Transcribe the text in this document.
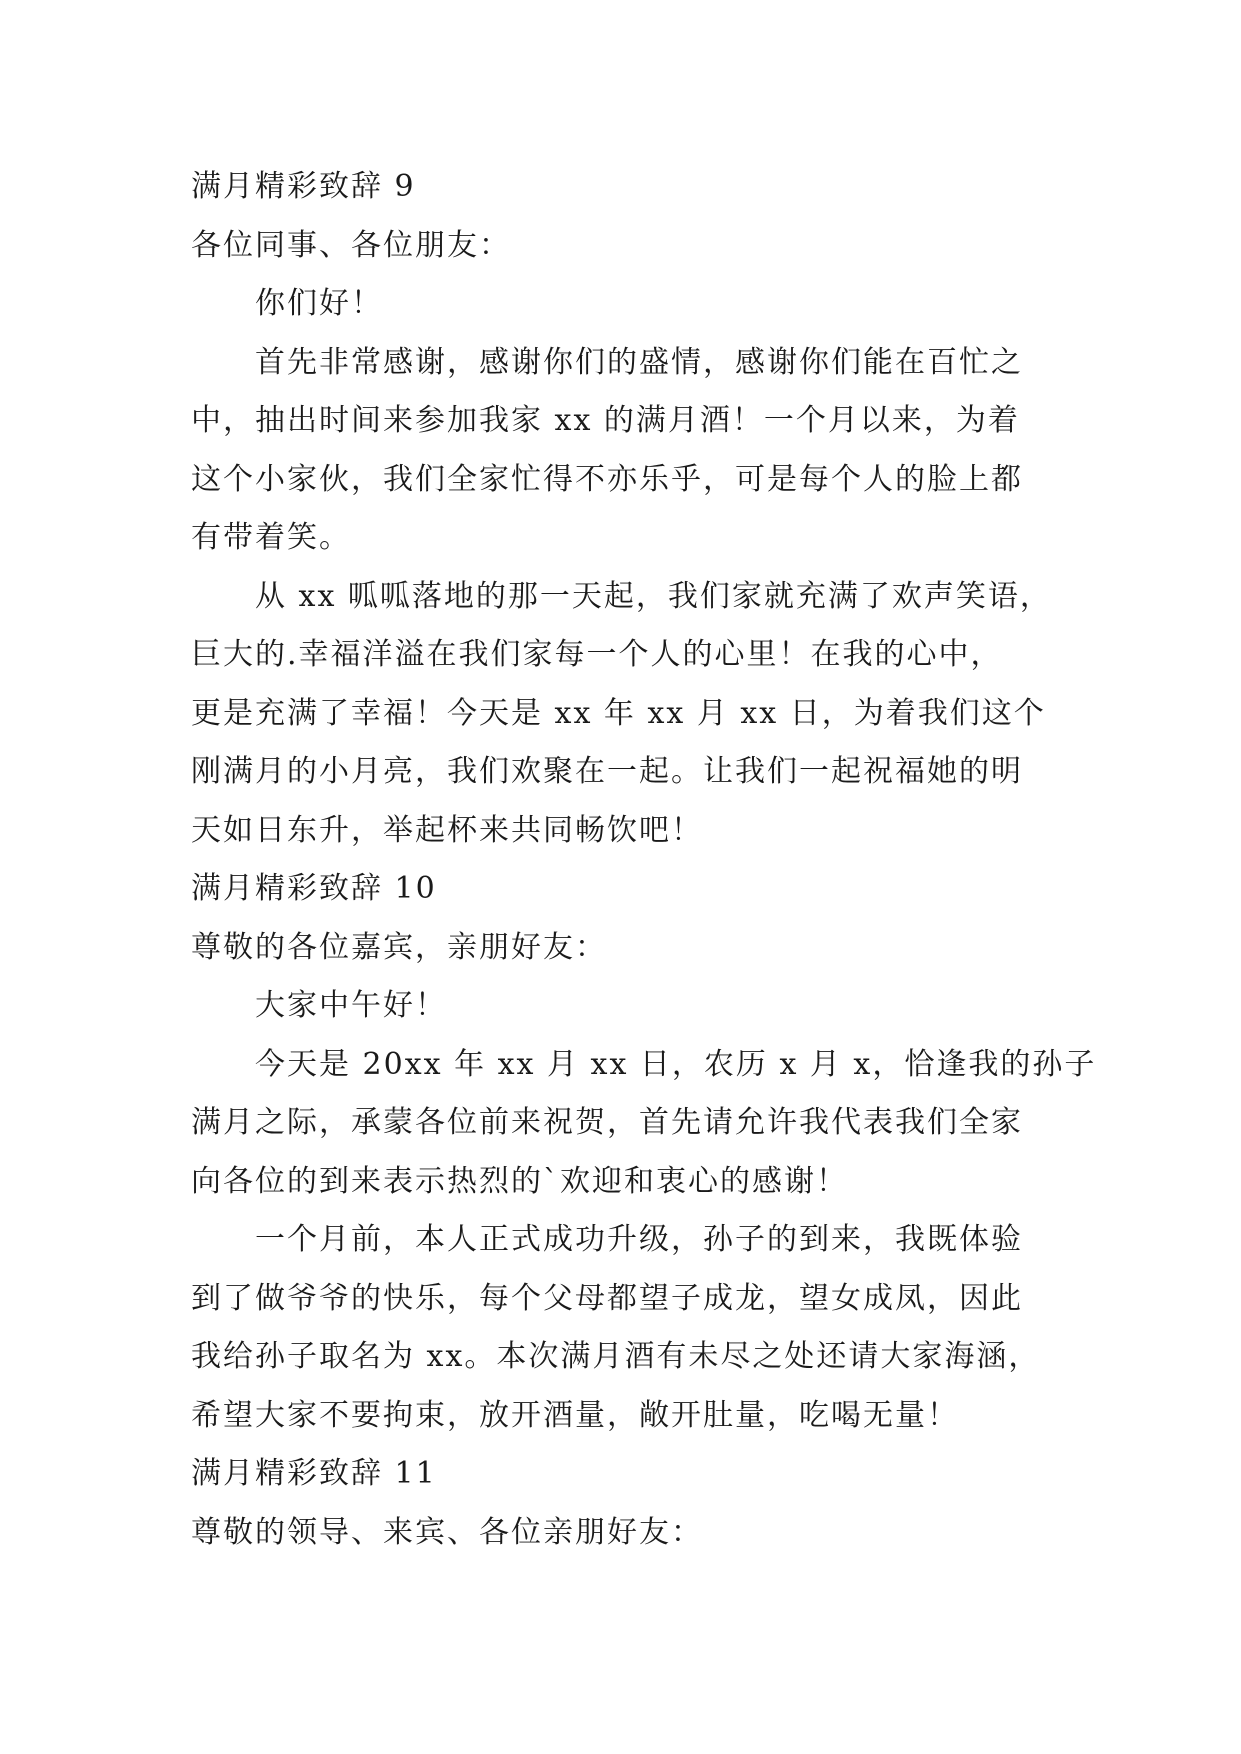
满月精彩致辞 9
各位同事、各位朋友：
你们好！
首先非常感谢，感谢你们的盛情，感谢你们能在百忙之
中，抽出时间来参加我家 xx 的满月酒！一个月以来，为着
这个小家伙，我们全家忙得不亦乐乎，可是每个人的脸上都
有带着笑。
从 xx 呱呱落地的那一天起，我们家就充满了欢声笑语，
巨大的.幸福洋溢在我们家每一个人的心里！在我的心中，
更是充满了幸福！今天是 xx 年 xx 月 xx 日，为着我们这个
刚满月的小月亮，我们欢聚在一起。让我们一起祝福她的明
天如日东升，举起杯来共同畅饮吧！
满月精彩致辞 10
尊敬的各位嘉宾，亲朋好友：
大家中午好！
今天是 20xx 年 xx 月 xx 日，农历 x 月 x，恰逢我的孙子
满月之际，承蒙各位前来祝贺，首先请允许我代表我们全家
向各位的到来表示热烈的`欢迎和衷心的感谢！
一个月前，本人正式成功升级，孙子的到来，我既体验
到了做爷爷的快乐，每个父母都望子成龙，望女成凤，因此
我给孙子取名为 xx。本次满月酒有未尽之处还请大家海涵，
希望大家不要拘束，放开酒量，敞开肚量，吃喝无量！
满月精彩致辞 11
尊敬的领导、来宾、各位亲朋好友：
